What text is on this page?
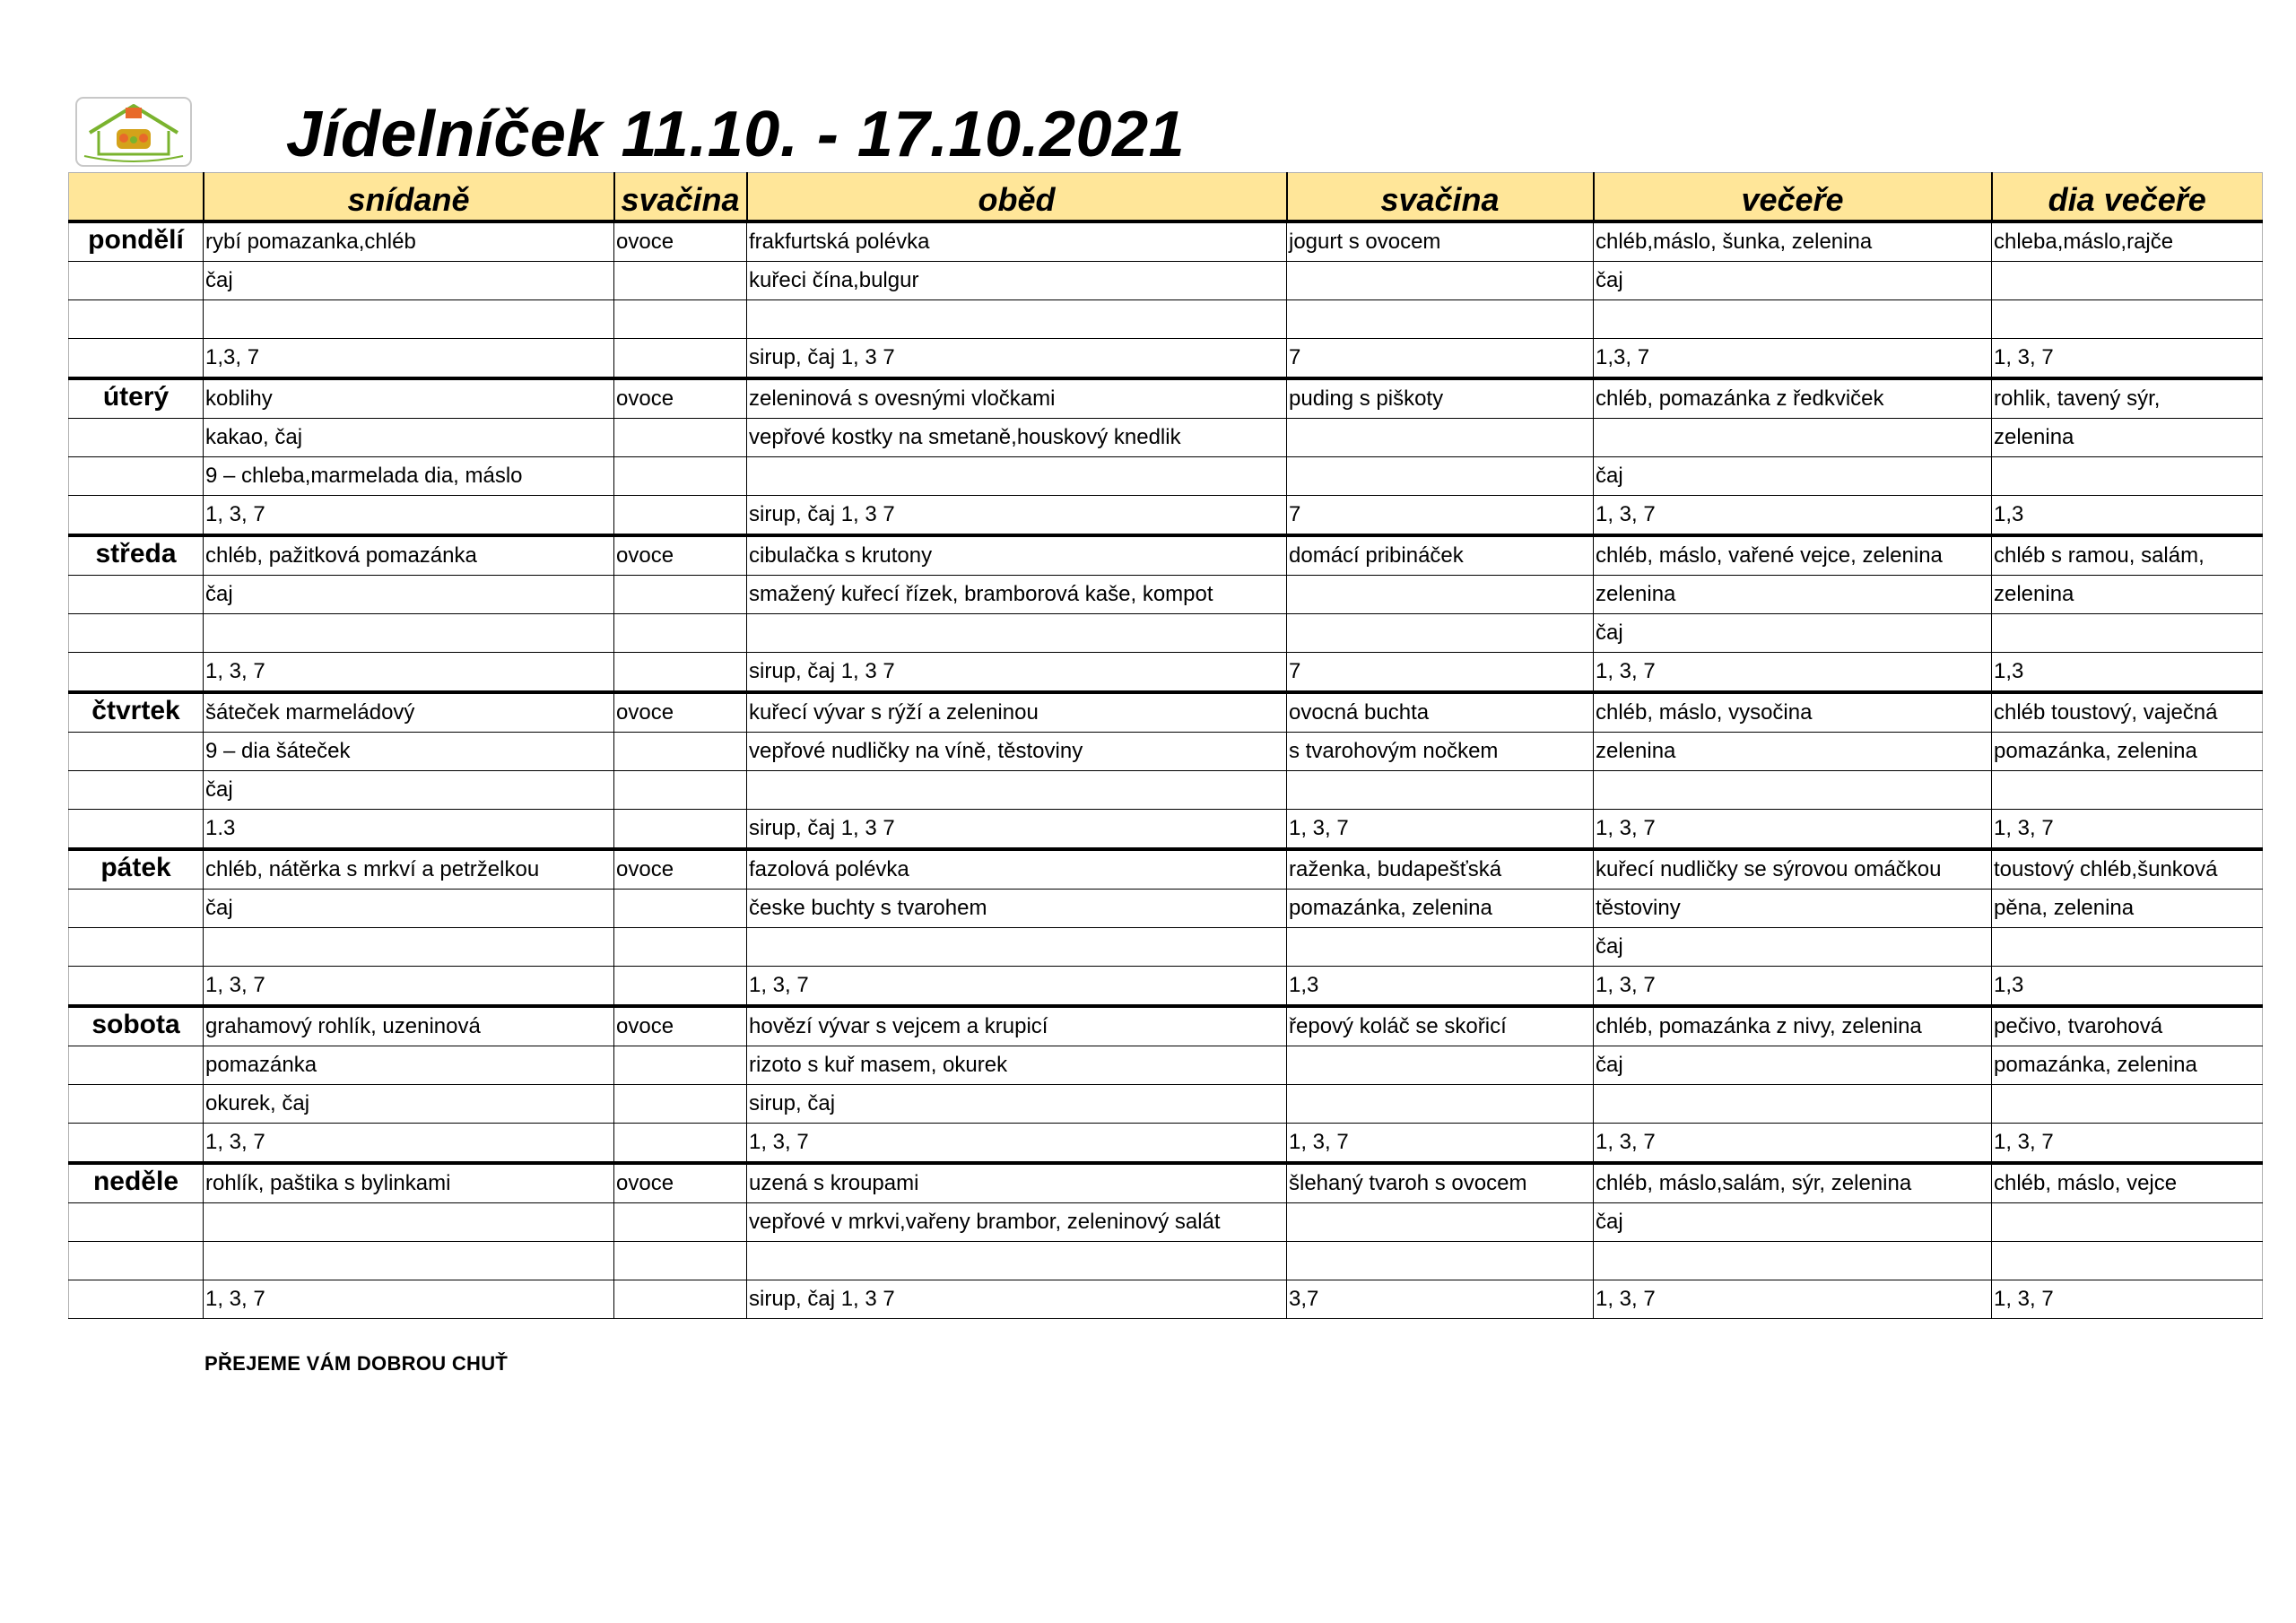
Jídelníček 11.10. - 17.10.2021
	snídaně	svačina	oběd	svačina	večeře	dia večeře
pondělí	rybí pomazanka,chléb	ovoce	frakfurtská polévka	jogurt s ovocem	chléb,máslo, šunka, zelenina	chleba,máslo,rajče
	čaj		kuřeci čína,bulgur		čaj	

	1,3, 7		sirup, čaj 1, 3 7	7	1,3, 7	1, 3, 7
úterý	koblihy	ovoce	zeleninová s ovesnými vločkami	puding s piškoty	chléb, pomazánka z ředkviček	rohlik, tavený sýr,
	kakao, čaj		vepřové kostky na smetaně,houskový knedlik			zelenina
	9 – chleba,marmelada dia, máslo				čaj	
	1, 3, 7		sirup, čaj 1, 3 7	7	1, 3, 7	1,3
středa	chléb, pažitková pomazánka	ovoce	cibulačka s krutony	domácí pribináček	chléb, máslo, vařené vejce, zelenina	chléb s ramou, salám,
	čaj		smažený kuřecí řízek, bramborová kaše, kompot		zelenina	zelenina
					čaj	
	1, 3, 7		sirup, čaj 1, 3 7	7	1, 3, 7	1,3
čtvrtek	šáteček marmeládový	ovoce	kuřecí vývar s rýží a zeleninou	ovocná buchta	chléb, máslo, vysočina	chléb toustový, vaječná
	9 – dia šáteček		vepřové nudličky na víně, těstoviny	s tvarohovým nočkem	zelenina	pomazánka, zelenina
	čaj					
	1.3		sirup, čaj 1, 3 7	1, 3, 7	1, 3, 7	1, 3, 7
pátek	chléb, nátěrka s mrkví a petrželkou	ovoce	fazolová polévka	raženka, budapešťská	kuřecí nudličky se sýrovou omáčkou	toustový chléb,šunková
	čaj		česke buchty s tvarohem	pomazánka, zelenina	těstoviny	pěna, zelenina
					čaj	
	1, 3, 7		1, 3, 7	1,3	1, 3, 7	1,3
sobota	grahamový rohlík, uzeninová	ovoce	hovězí vývar s vejcem a krupicí	řepový koláč se skořicí	chléb, pomazánka z nivy, zelenina	pečivo, tvarohová
	pomazánka		rizoto s kuř masem, okurek		čaj	pomazánka, zelenina
	okurek, čaj		sirup, čaj			
	1, 3, 7		1, 3, 7	1, 3, 7	1, 3, 7	1, 3, 7
neděle	rohlík, paštika s bylinkami	ovoce	uzená s kroupami	šlehaný tvaroh s ovocem	chléb, máslo,salám, sýr, zelenina	chléb, máslo, vejce
			vepřové v mrkvi,vařeny brambor, zeleninový salát		čaj	

	1, 3, 7		sirup, čaj 1, 3 7	3,7	1, 3, 7	1, 3, 7
PŘEJEME VÁM DOBROU CHUŤ
